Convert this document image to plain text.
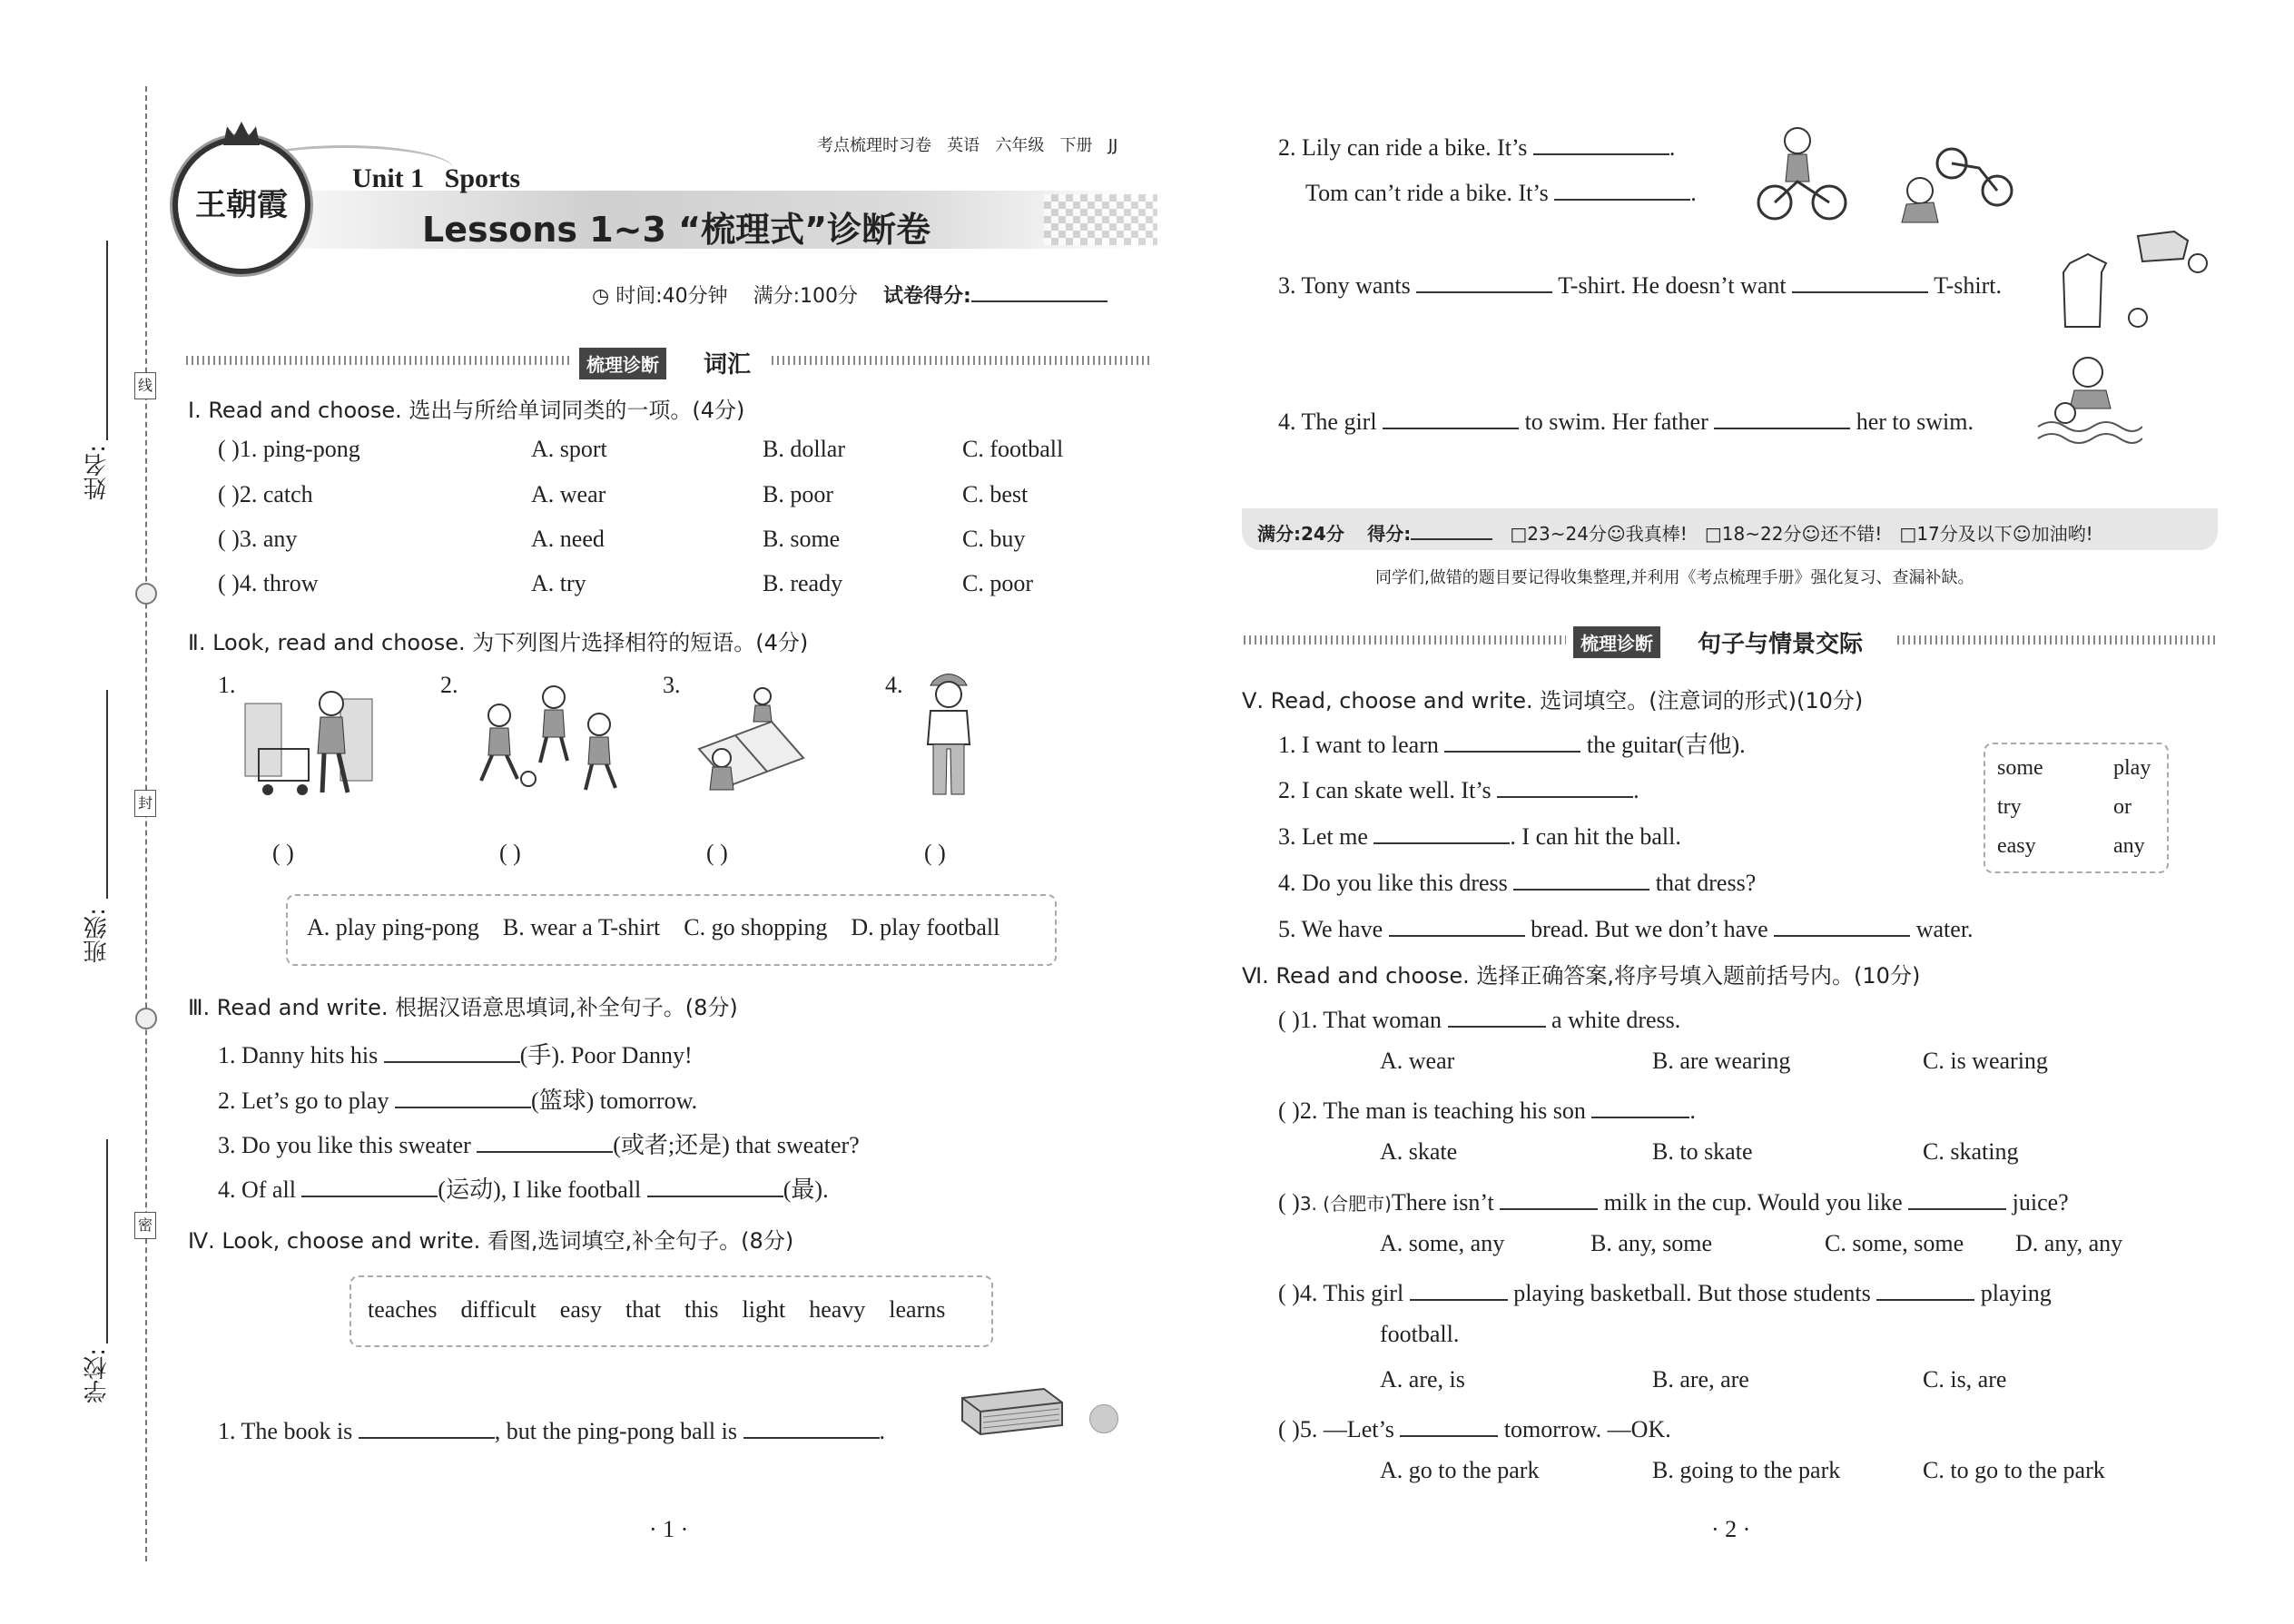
姓名:
班级:
学校:
线
封
密
考点梳理时习卷 英语 六年级 下册 JJ
王朝霞
Unit 1   Sports
Lessons 1~3 “梳理式”诊断卷
◷ 时间:40分钟 满分:100分 试卷得分:
梳理诊断	词汇
Ⅰ. Read and choose. 选出与所给单词同类的一项。(4分)
( )1. ping-pong	A. sport	B. dollar	C. football
( )2. catch	A. wear	B. poor	C. best
( )3. any	A. need	B. some	C. buy
( )4. throw	A. try	B. ready	C. poor
Ⅱ. Look, read and choose. 为下列图片选择相符的短语。(4分)
1.	2.	3.	4.
( )	( )	( )	( )
A. play ping-pong    B. wear a T-shirt    C. go shopping    D. play football
Ⅲ. Read and write. 根据汉语意思填词,补全句子。(8分)
1. Danny hits his	(手). Poor Danny!
2. Let’s go to play	(篮球) tomorrow.
3. Do you like this sweater	(或者;还是) that sweater?
4. Of all	(运动), I like football	(最).
Ⅳ. Look, choose and write. 看图,选词填空,补全句子。(8分)
teaches    difficult    easy    that    this    light    heavy    learns
1. The book is	, but the ping-pong ball is	.
· 1 ·
2. Lily can ride a bike. It’s	.
Tom can’t ride a bike. It’s	.
3. Tony wants	T-shirt. He doesn’t want	T-shirt.
4. The girl	to swim. Her father	her to swim.
满分:24分 得分:	□23~24分☺我真棒! □18~22分☺还不错! □17分及以下☺加油哟!
同学们,做错的题目要记得收集整理,并利用《考点梳理手册》强化复习、查漏补缺。
梳理诊断	句子与情景交际
Ⅴ. Read, choose and write. 选词填空。(注意词的形式)(10分)
1. I want to learn	the guitar(吉他).
2. I can skate well. It’s	.
3. Let me	. I can hit the ball.
4. Do you like this dress	that dress?
5. We have	bread. But we don’t have	water.
some	play
try	or
easy	any
Ⅵ. Read and choose. 选择正确答案,将序号填入题前括号内。(10分)
( )1. That woman	a white dress.
A. wear	B. are wearing	C. is wearing
( )2. The man is teaching his son	.
A. skate	B. to skate	C. skating
( )3. (合肥市)There isn’t	milk in the cup. Would you like	juice?
A. some, any	B. any, some	C. some, some D. any, any
( )4. This girl	playing basketball. But those students	playing
football.
A. are, is	B. are, are	C. is, are
( )5. —Let’s	tomorrow. —OK.
A. go to the park	B. going to the park	C. to go to the park
· 2 ·
